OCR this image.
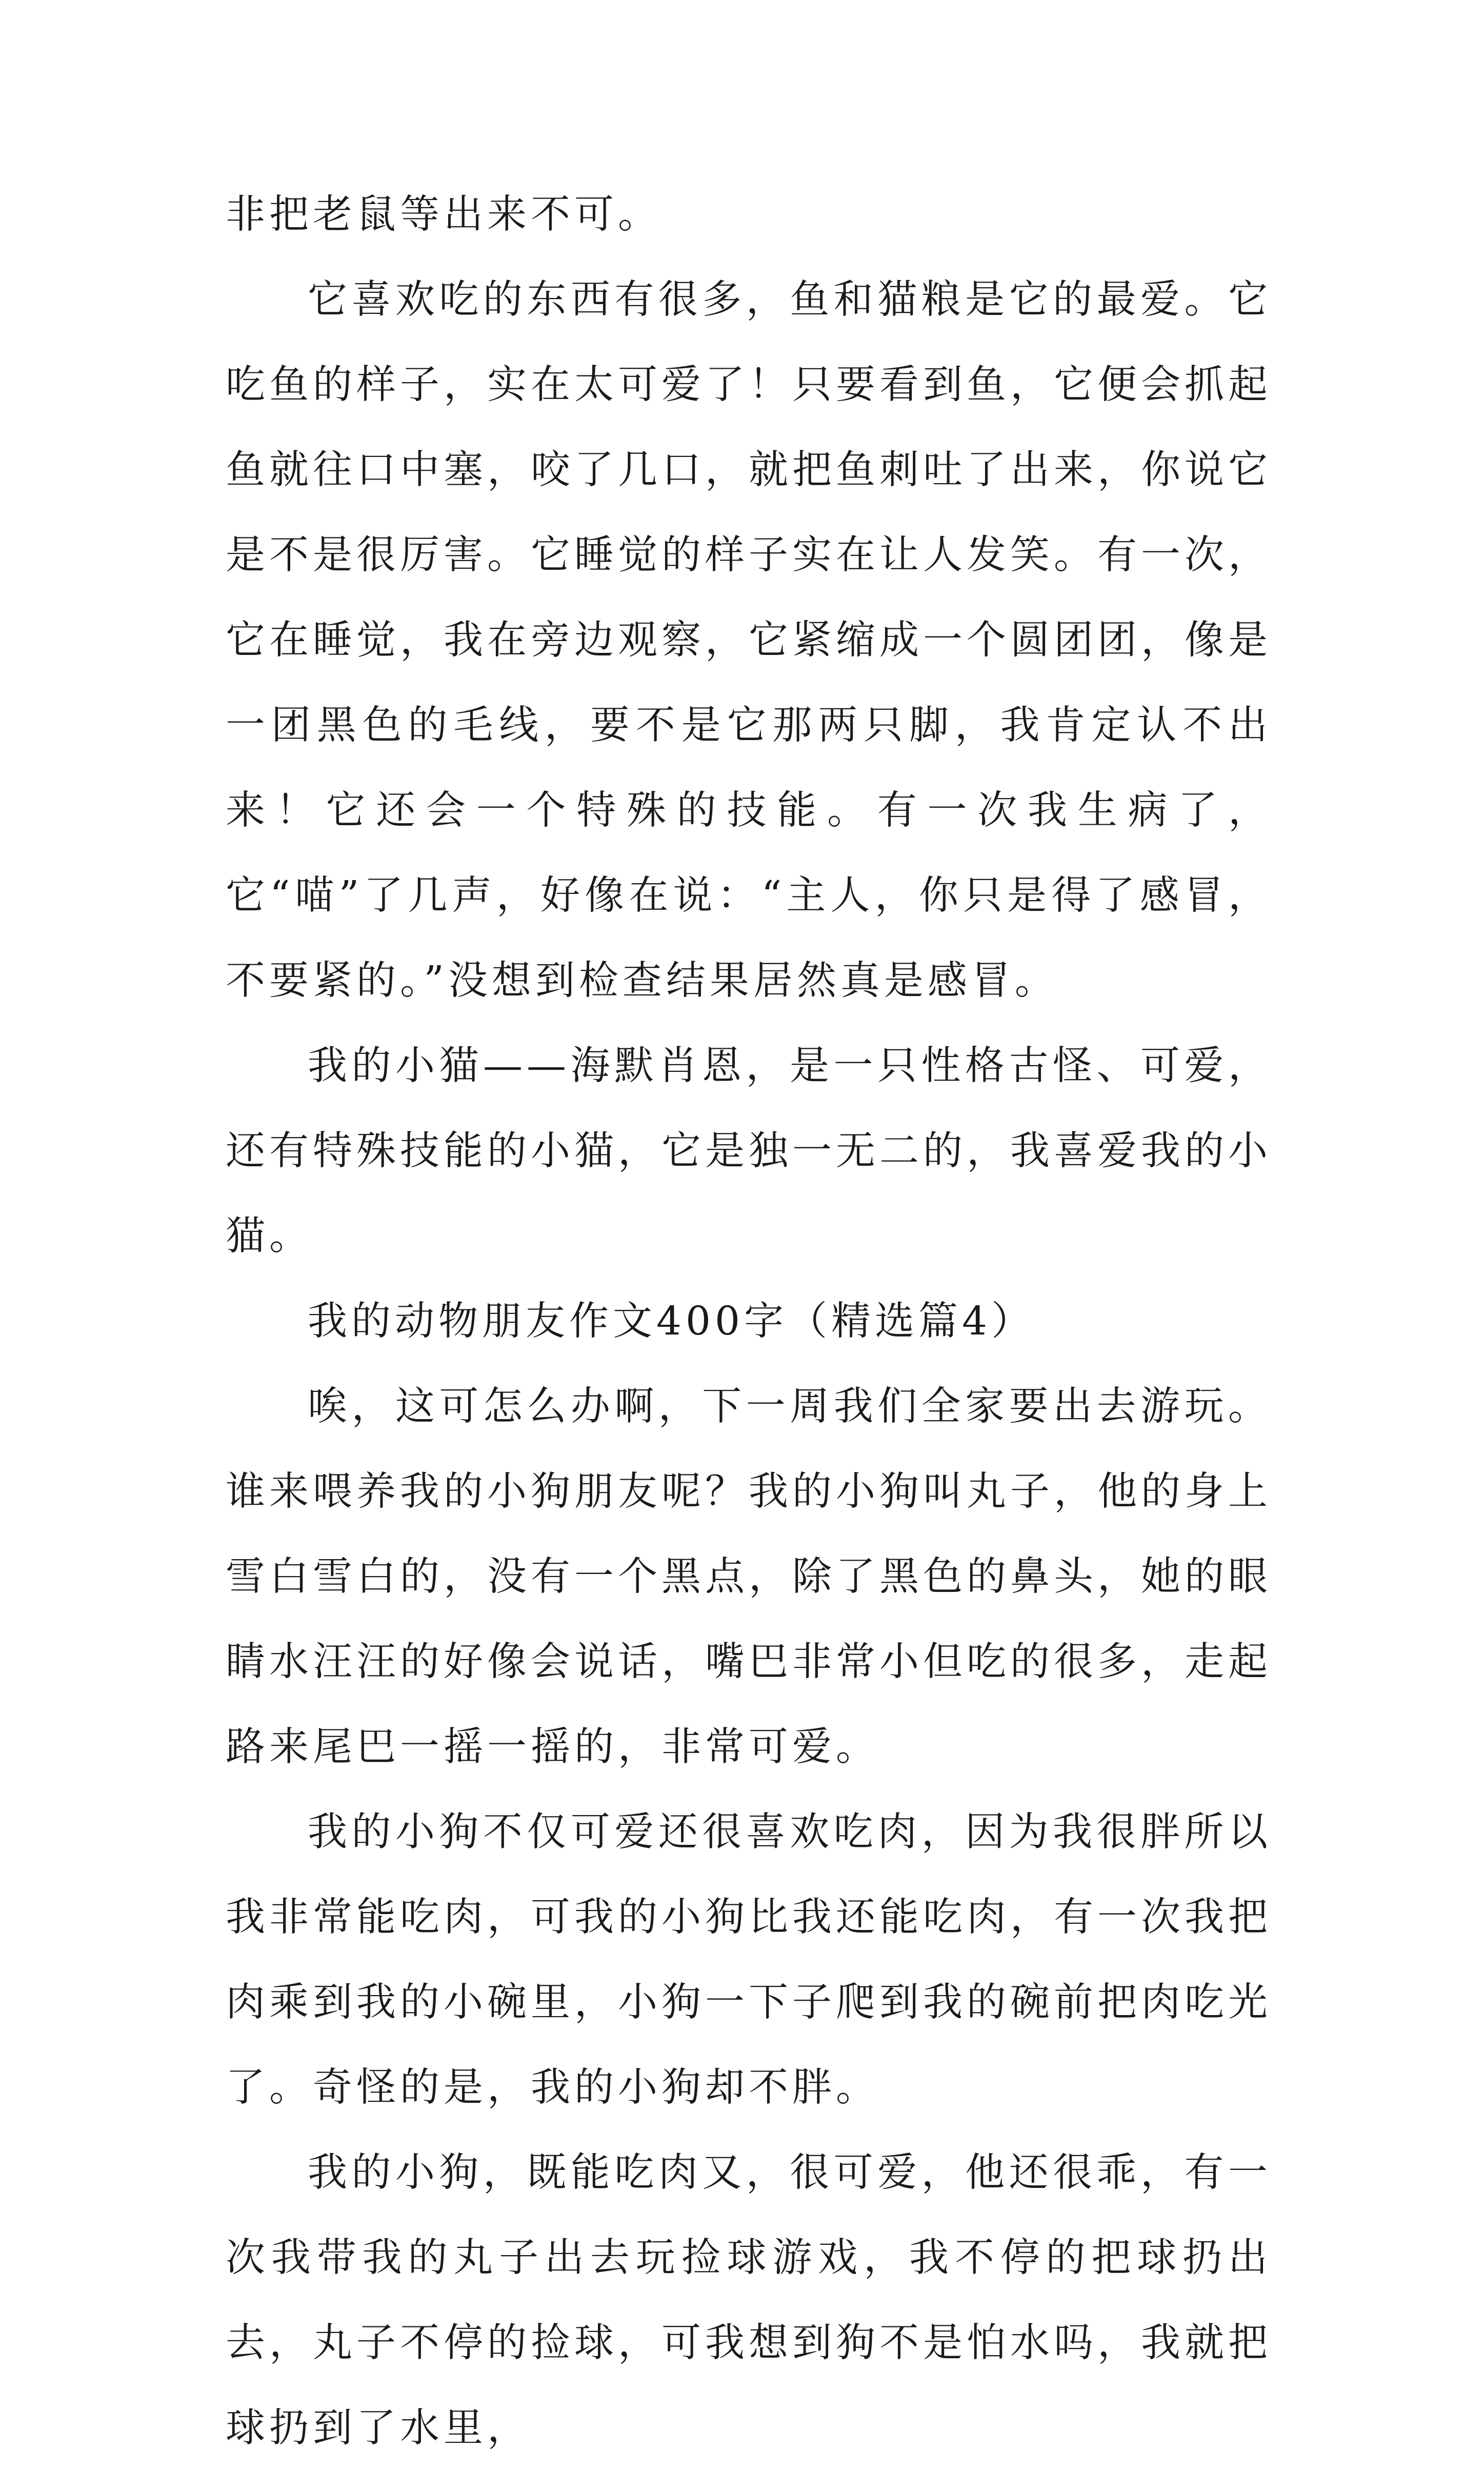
非把老鼠等出来不可。

它喜欢吃的东西有很多，鱼和猫粮是它的最爱。它吃鱼的样子，实在太可爱了！只要看到鱼，它便会抓起鱼就往口中塞，咬了几口，就把鱼刺吐了出来，你说它是不是很厉害。它睡觉的样子实在让人发笑。有一次，它在睡觉，我在旁边观察，它紧缩成一个圆团团，像是一团黑色的毛线，要不是它那两只脚，我肯定认不出来！它还会一个特殊的技能。有一次我生病了，它“喵”了几声，好像在说：“主人，你只是得了感冒，不要紧的。”没想到检查结果居然真是感冒。

我的小猫——海默肖恩，是一只性格古怪、可爱，还有特殊技能的小猫，它是独一无二的，我喜爱我的小猫。

我的动物朋友作文400字（精选篇4）

唉，这可怎么办啊，下一周我们全家要出去游玩。谁来喂养我的小狗朋友呢？我的小狗叫丸子，他的身上雪白雪白的，没有一个黑点，除了黑色的鼻头，她的眼睛水汪汪的好像会说话，嘴巴非常小但吃的很多，走起路来尾巴一摇一摇的，非常可爱。

我的小狗不仅可爱还很喜欢吃肉，因为我很胖所以我非常能吃肉，可我的小狗比我还能吃肉，有一次我把肉乘到我的小碗里，小狗一下子爬到我的碗前把肉吃光了。奇怪的是，我的小狗却不胖。

我的小狗，既能吃肉又，很可爱，他还很乖，有一次我带我的丸子出去玩捡球游戏，我不停的把球扔出去，丸子不停的捡球，可我想到狗不是怕水吗，我就把球扔到了水里，
